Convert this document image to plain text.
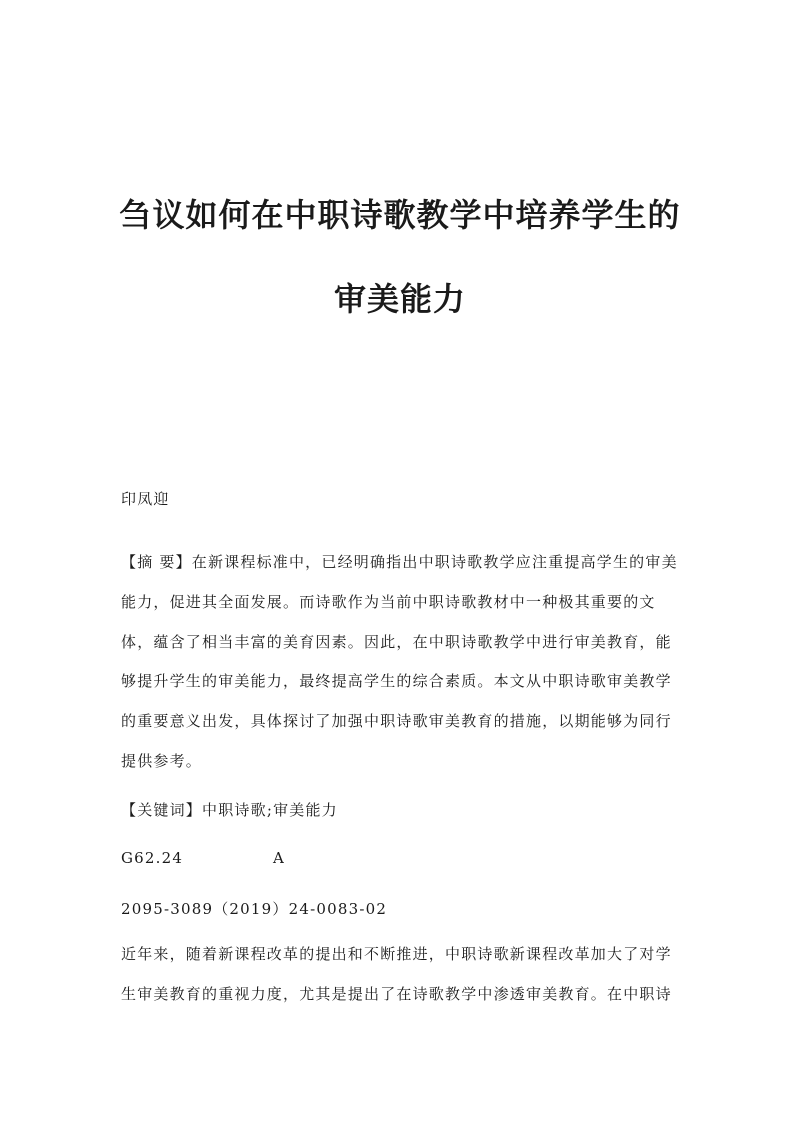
刍议如何在中职诗歌教学中培养学生的
审美能力

印凤迎

【摘 要】在新课程标准中，已经明确指出中职诗歌教学应注重提高学生的审美

能力，促进其全面发展。而诗歌作为当前中职诗歌教材中一种极其重要的文

体，蕴含了相当丰富的美育因素。因此，在中职诗歌教学中进行审美教育，能

够提升学生的审美能力，最终提高学生的综合素质。本文从中职诗歌审美教学

的重要意义出发，具体探讨了加强中职诗歌审美教育的措施，以期能够为同行

提供参考。

【关键词】中职诗歌;审美能力

G62.24	A

2095-3089（2019）24-0083-02

近年来，随着新课程改革的提出和不断推进，中职诗歌新课程改革加大了对学

生审美教育的重视力度，尤其是提出了在诗歌教学中渗透审美教育。在中职诗
